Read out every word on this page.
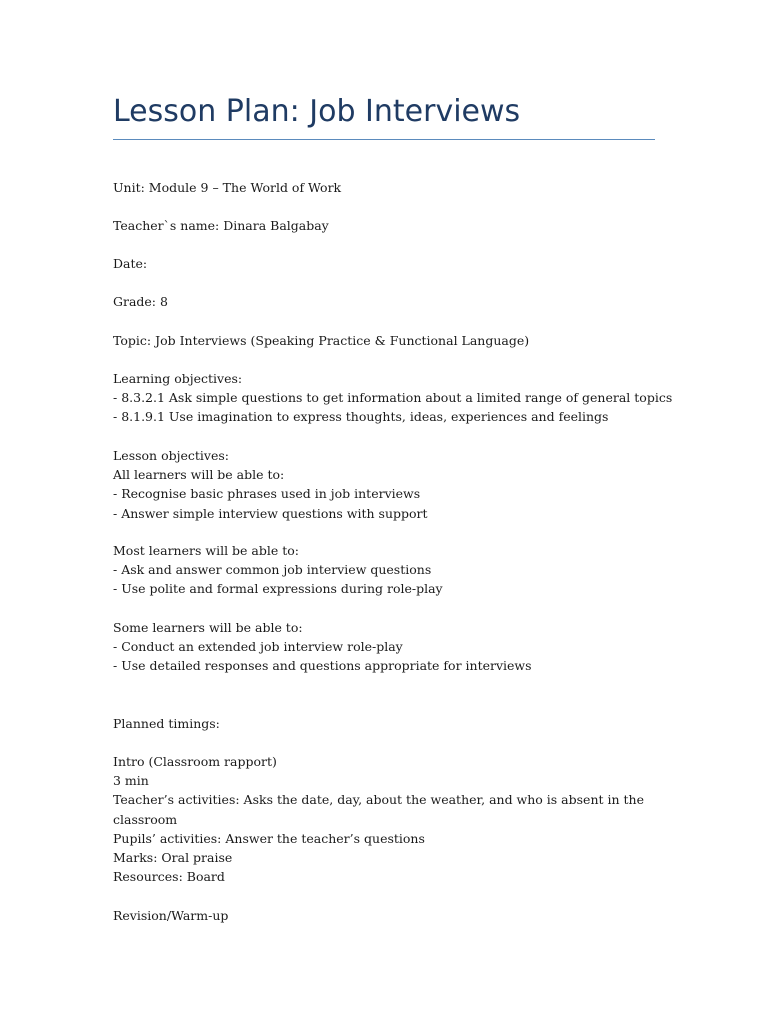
Lesson Plan: Job Interviews

Unit: Module 9 – The World of Work

Teacher`s name: Dinara Balgabay

Date:

Grade: 8

Topic: Job Interviews (Speaking Practice & Functional Language)

Learning objectives:
- 8.3.2.1 Ask simple questions to get information about a limited range of general topics
- 8.1.9.1 Use imagination to express thoughts, ideas, experiences and feelings
Lesson objectives:
All learners will be able to:
- Recognise basic phrases used in job interviews
- Answer simple interview questions with support
Most learners will be able to:
- Ask and answer common job interview questions
- Use polite and formal expressions during role-play
Some learners will be able to:
- Conduct an extended job interview role-play
- Use detailed responses and questions appropriate for interviews

Planned timings:

Intro (Classroom rapport)
3 min
Teacher’s activities: Asks the date, day, about the weather, and who is absent in the classroom
Pupils’ activities: Answer the teacher’s questions
Marks: Oral praise
Resources: Board

Revision/Warm-up
